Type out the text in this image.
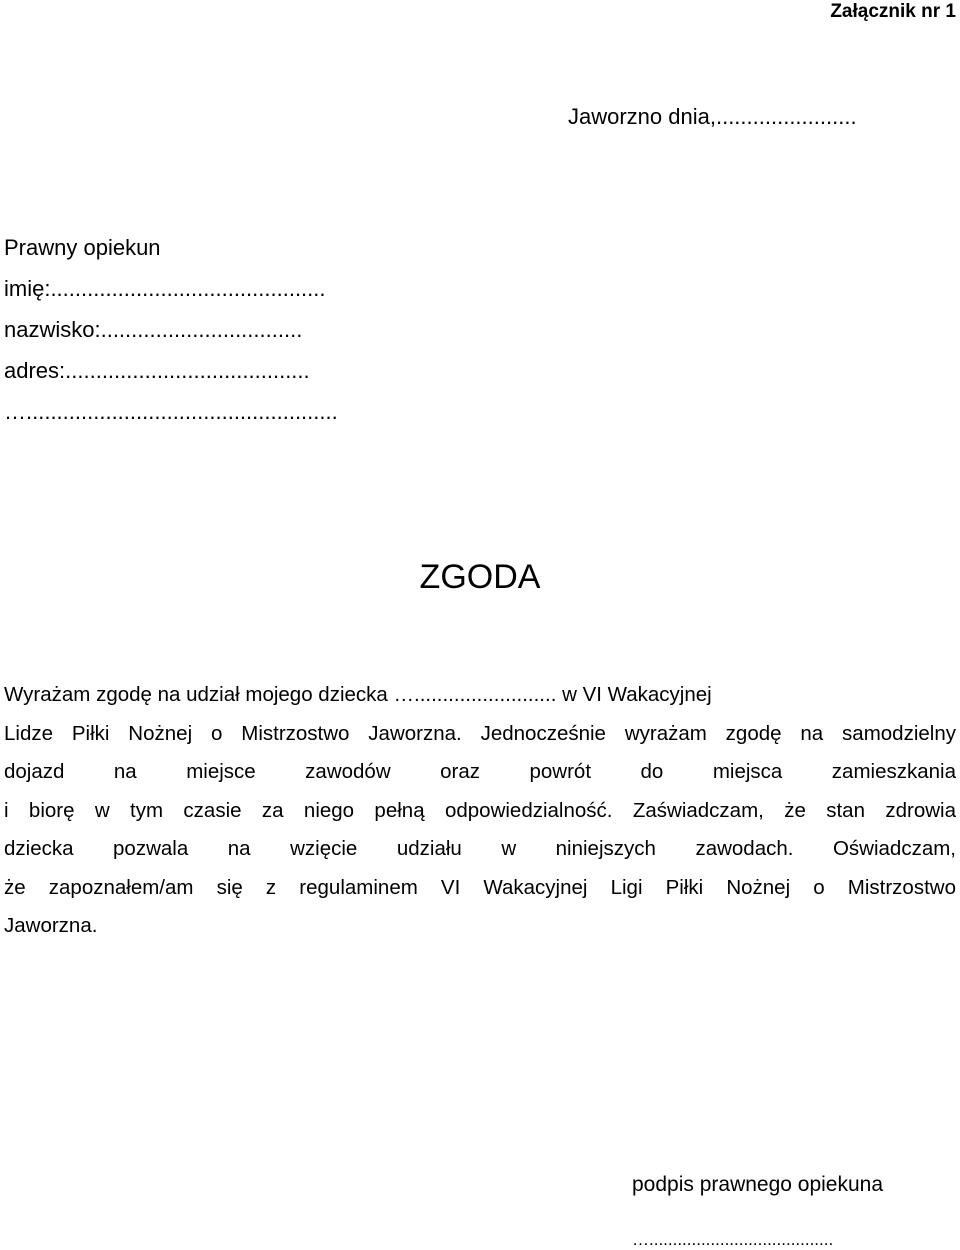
Załącznik nr 1
Jaworzno dnia,.......................
Prawny opiekun
imię:.............................................
nazwisko:.................................
adres:........................................
…...................................................
ZGODA
Wyrażam zgodę na udział mojego dziecka …......................... w VI Wakacyjnej
Lidze Piłki Nożnej o Mistrzostwo Jaworzna. Jednocześnie wyrażam zgodę na samodzielny
dojazd na miejsce zawodów oraz powrót do miejsca zamieszkania
i biorę w tym czasie za niego pełną odpowiedzialność. Zaświadczam, że stan zdrowia
dziecka pozwala na wzięcie udziału w niniejszych zawodach. Oświadczam,
że zapoznałem/am się z regulaminem VI Wakacyjnej Ligi Piłki Nożnej o Mistrzostwo
Jaworzna.
podpis prawnego opiekuna
….......................................
